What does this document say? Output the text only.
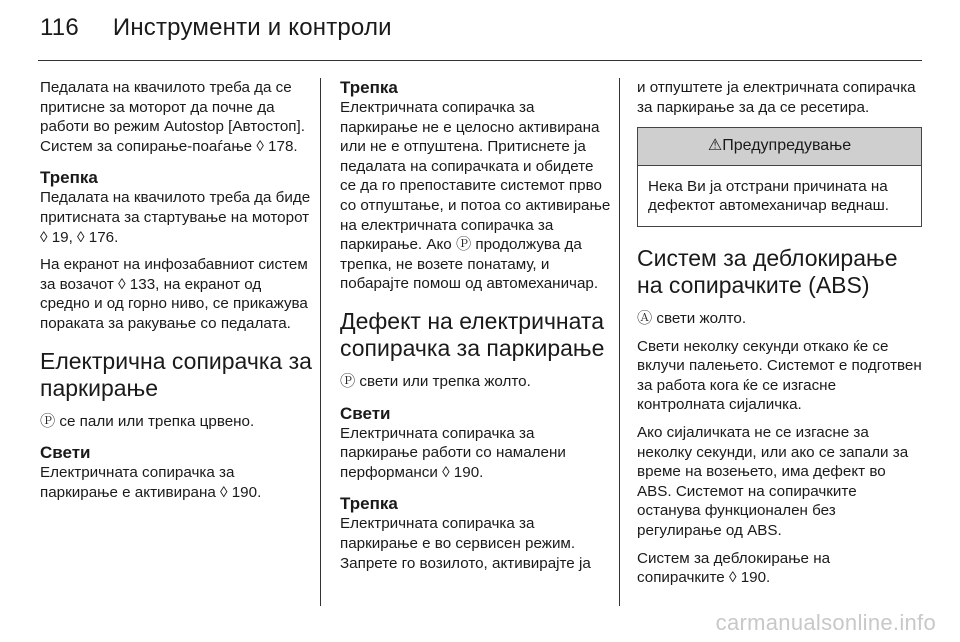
116 Инструменти и контроли

Педалата на квачилото треба да се притисне за моторот да почне да работи во режим Autostop [Автостоп]. Систем за сопирање-поаѓање ◊ 178.

Трепка

Педалата на квачилото треба да биде притисната за стартување на моторот ◊ 19, ◊ 176.

На екранот на инфозабавниот систем за возачот ◊ 133, на екранот од средно и од горно ниво, се прикажува пораката за ракување со педалата.

Електрична сопирачка за паркирање

Ⓟ се пали или трепка црвено.

Свети

Електричната сопирачка за паркирање е активирана ◊ 190.

Трепка

Електричната сопирачка за паркирање не е целосно активирана или не е отпуштена. Притиснете ја педалата на сопирачката и обидете се да го препоставите системот прво со отпуштање, и потоа со активирање на електричната сопирачка за паркирање. Ако Ⓟ продолжува да трепка, не возете понатаму, и побарајте помош од автомеханичар.

Дефект на електричната сопирачка за паркирање

Ⓟ свети или трепка жолто.

Свети

Електричната сопирачка за паркирање работи со намалени перформанси ◊ 190.

Трепка

Електричната сопирачка за паркирање е во сервисен режим. Запрете го возилото, активирајте ја

и отпуштете ја електричната сопирачка за паркирање за да се ресетира.

⚠Предупредување
Нека Ви ја отстрани причината на дефектот автомеханичар веднаш.
Систем за деблокирање на сопирачките (ABS)

Ⓐ свети жолто.

Свети неколку секунди откако ќе се вклучи палењето. Системот е подготвен за работа кога ќе се изгасне контролната сијаличка.

Ако сијаличката не се изгасне за неколку секунди, или ако се запали за време на возењето, има дефект во ABS. Системот на сопирачките останува функционален без регулирање од ABS.

Систем за деблокирање на сопирачките ◊ 190.

carmanualsonline.info
